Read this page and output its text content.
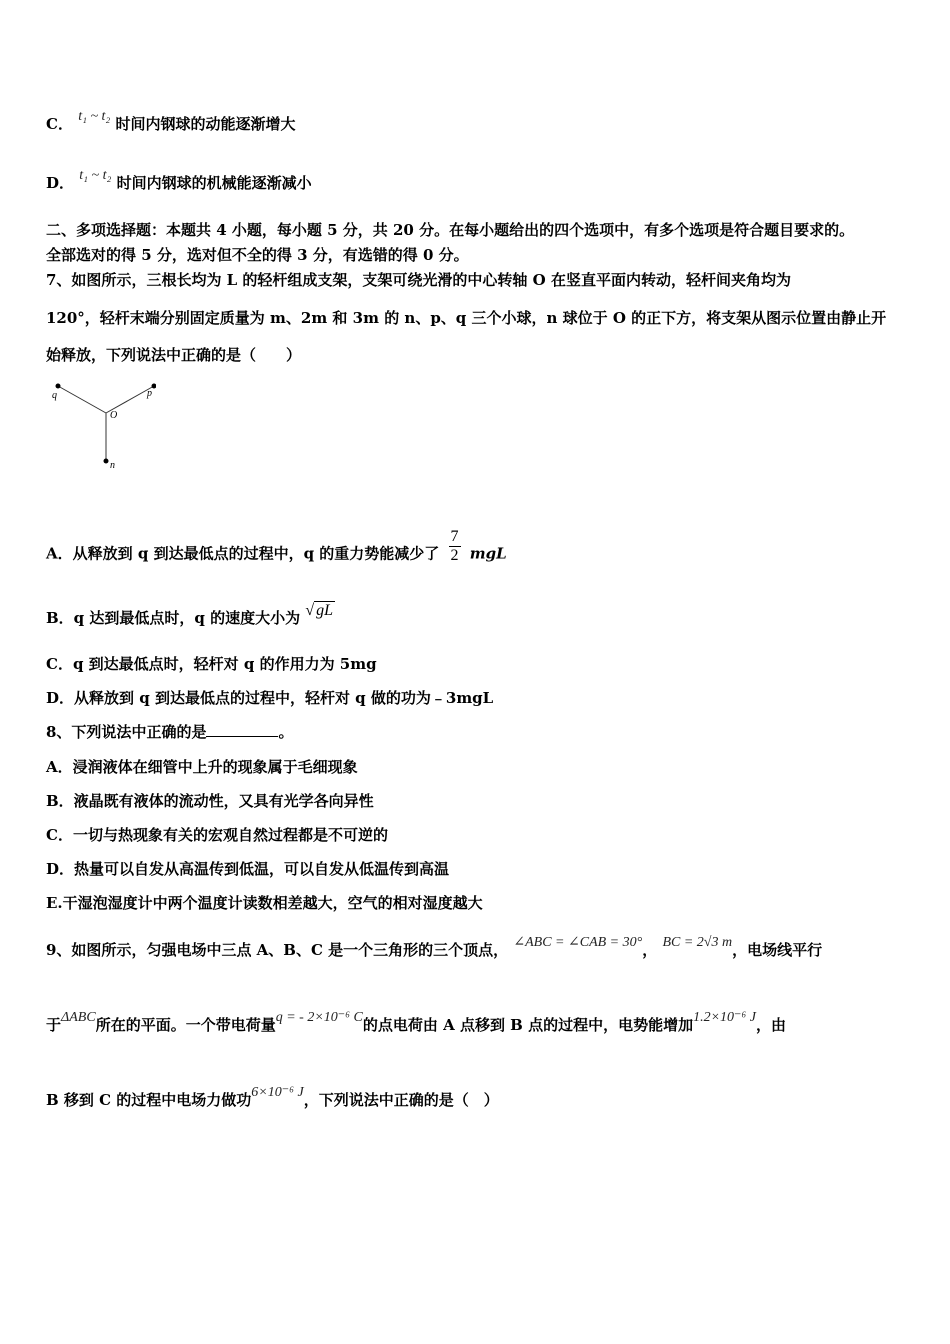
C． t₁ ~ t₂ 时间内钢球的动能逐渐增大
D． t₁ ~ t₂ 时间内钢球的机械能逐渐减小
二、多项选择题：本题共 4 小题，每小题 5 分，共 20 分。在每小题给出的四个选项中，有多个选项是符合题目要求的。
全部选对的得 5 分，选对但不全的得 3 分，有选错的得 0 分。
7、如图所示，三根长均为 L 的轻杆组成支架，支架可绕光滑的中心转轴 O 在竖直平面内转动，轻杆间夹角均为
120°，轻杆末端分别固定质量为 m、2m 和 3m 的 n、p、q 三个小球，n 球位于 O 的正下方，将支架从图示位置由静止开
始释放，下列说法中正确的是（　　）
q	p
O
n
A．从释放到 q 到达最低点的过程中，q 的重力势能减少了 $\frac{7}{2}$ mgL
B．q 达到最低点时，q 的速度大小为 √ gL
C．q 到达最低点时，轻杆对 q 的作用力为 5mg
D．从释放到 q 到达最低点的过程中，轻杆对 q 做的功为﹣3mgL
8、下列说法中正确的是	。
A．浸润液体在细管中上升的现象属于毛细现象
B．液晶既有液体的流动性，又具有光学各向异性
C．一切与热现象有关的宏观自然过程都是不可逆的
D．热量可以自发从高温传到低温，可以自发从低温传到高温
E.干湿泡湿度计中两个温度计读数相差越大，空气的相对湿度越大
9、如图所示，匀强电场中三点 A、B、C 是一个三角形的三个顶点， ∠ABC = ∠CAB = 30°， BC = 2√3 m，电场线平行
于ΔABC所在的平面。一个带电荷量q = - 2×10⁻⁶ C的点电荷由 A 点移到 B 点的过程中，电势能增加1.2×10⁻⁶ J，由
B 移到 C 的过程中电场力做功6×10⁻⁶ J，下列说法中正确的是（　）
